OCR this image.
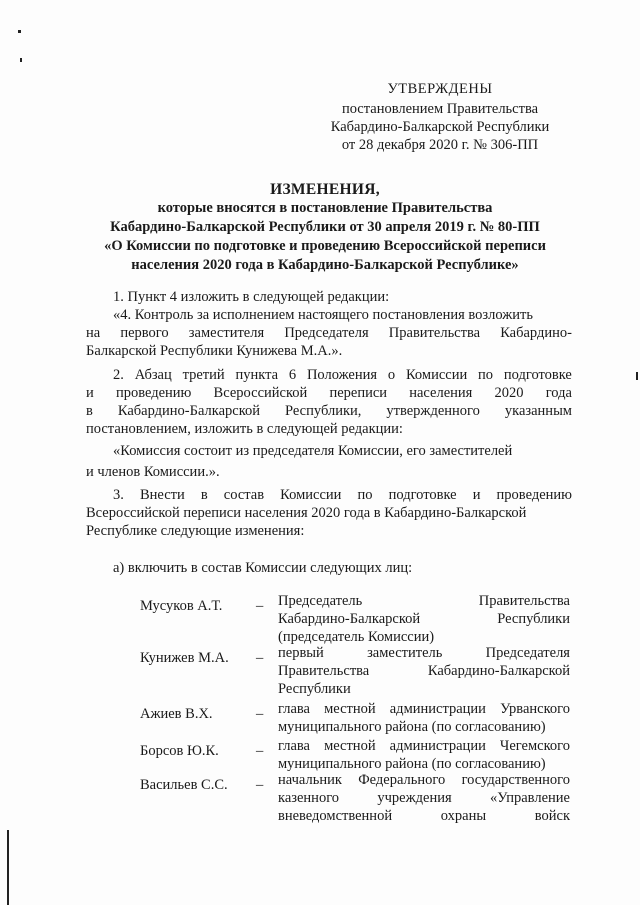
УТВЕРЖДЕНЫ
постановлением Правительства
Кабардино-Балкарской Республики
от 28 декабря 2020 г. № 306-ПП
ИЗМЕНЕНИЯ,
которые вносятся в постановление Правительства
Кабардино-Балкарской Республики от 30 апреля 2019 г. № 80-ПП
«О Комиссии по подготовке и проведению Всероссийской переписи
населения 2020 года в Кабардино-Балкарской Республике»
1. Пункт 4 изложить в следующей редакции:
«4. Контроль за исполнением настоящего постановления возложить
на первого заместителя Председателя Правительства Кабардино-
Балкарской Республики Кунижева М.А.».
2. Абзац третий пункта 6 Положения о Комиссии по подготовке
и проведению Всероссийской переписи населения 2020 года
в Кабардино-Балкарской Республики, утвержденного указанным
постановлением, изложить в следующей редакции:
«Комиссия состоит из председателя Комиссии, его заместителей
и членов Комиссии.».
3. Внести в состав Комиссии по подготовке и проведению
Всероссийской переписи населения 2020 года в Кабардино-Балкарской
Республике следующие изменения:
а) включить в состав Комиссии следующих лиц:
Мусуков А.Т. – Председатель	Правительства
Кабардино-Балкарской	Республики
(председатель Комиссии)
Кунижев М.А. – первый	заместитель	Председателя
Правительства	Кабардино-Балкарской
Республики
Ажиев В.Х.	– глава местной администрации Урванского
муниципального района (по согласованию)
Борсов Ю.К.	– глава местной администрации Чегемского
муниципального района (по согласованию)
Васильев С.С. – начальник Федерального государственного
казенного	учреждения	«Управление
вневедомственной	охраны	войск
